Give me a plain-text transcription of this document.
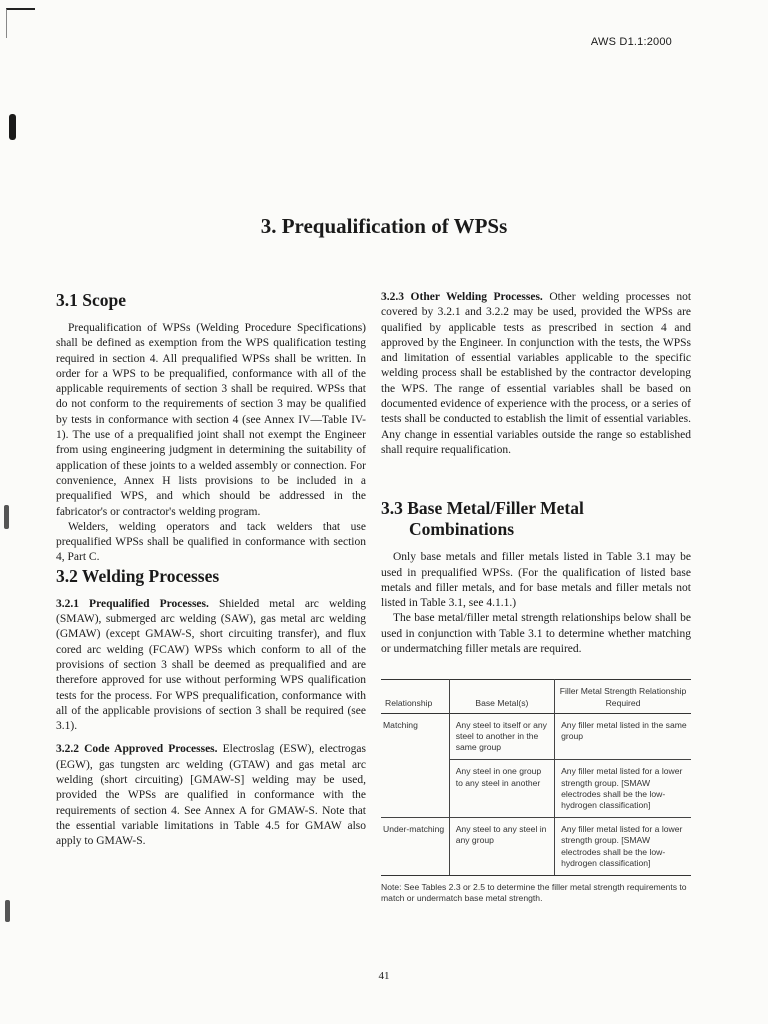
AWS D1.1:2000
3. Prequalification of WPSs
3.1 Scope

Prequalification of WPSs (Welding Procedure Specifications) shall be defined as exemption from the WPS qualification testing required in section 4. All prequalified WPSs shall be written. In order for a WPS to be prequalified, conformance with all of the applicable requirements of section 3 shall be required. WPSs that do not conform to the requirements of section 3 may be qualified by tests in conformance with section 4 (see Annex IV—Table IV-1). The use of a prequalified joint shall not exempt the Engineer from using engineering judgment in determining the suitability of application of these joints to a welded assembly or connection. For convenience, Annex H lists provisions to be included in a prequalified WPS, and which should be addressed in the fabricator's or contractor's welding program.

Welders, welding operators and tack welders that use prequalified WPSs shall be qualified in conformance with section 4, Part C.

3.2 Welding Processes

3.2.1 Prequalified Processes. Shielded metal arc welding (SMAW), submerged arc welding (SAW), gas metal arc welding (GMAW) (except GMAW-S, short circuiting transfer), and flux cored arc welding (FCAW) WPSs which conform to all of the provisions of section 3 shall be deemed as prequalified and are therefore approved for use without performing WPS qualification tests for the process. For WPS prequalification, conformance with all of the applicable provisions of section 3 shall be required (see 3.1).

3.2.2 Code Approved Processes. Electroslag (ESW), electrogas (EGW), gas tungsten arc welding (GTAW) and gas metal arc welding (short circuiting) [GMAW-S] welding may be used, provided the WPSs are qualified in conformance with the requirements of section 4. See Annex A for GMAW-S. Note that the essential variable limitations in Table 4.5 for GMAW also apply to GMAW-S.

3.2.3 Other Welding Processes. Other welding processes not covered by 3.2.1 and 3.2.2 may be used, provided the WPSs are qualified by applicable tests as prescribed in section 4 and approved by the Engineer. In conjunction with the tests, the WPSs and limitation of essential variables applicable to the specific welding process shall be established by the contractor developing the WPS. The range of essential variables shall be based on documented evidence of experience with the process, or a series of tests shall be conducted to establish the limit of essential variables. Any change in essential variables outside the range so established shall require requalification.

3.3 Base Metal/Filler Metal
Combinations

Only base metals and filler metals listed in Table 3.1 may be used in prequalified WPSs. (For the qualification of listed base metals and filler metals, and for base metals and filler metals not listed in Table 3.1, see 4.1.1.)

The base metal/filler metal strength relationships below shall be used in conjunction with Table 3.1 to determine whether matching or undermatching filler metals are required.

Relationship	Base Metal(s)	Filler Metal Strength Relationship Required
Matching	Any steel to itself or any steel to another in the same group	Any filler metal listed in the same group
	Any steel in one group to any steel in another	Any filler metal listed for a lower strength group. [SMAW electrodes shall be the low-hydrogen classification]
Under-matching	Any steel to any steel in any group	Any filler metal listed for a lower strength group. [SMAW electrodes shall be the low-hydrogen classification]
Note: See Tables 2.3 or 2.5 to determine the filler metal strength requirements to match or undermatch base metal strength.
41
